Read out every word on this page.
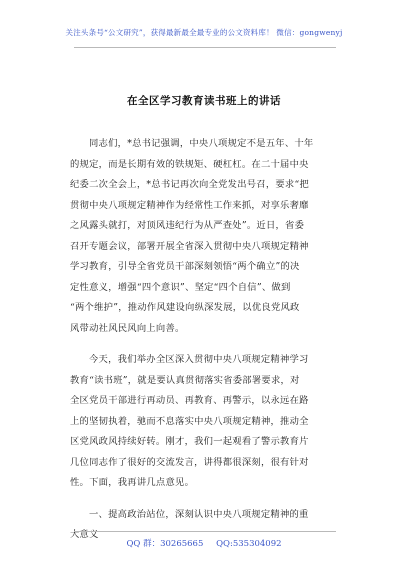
关注头条号“公文研究”，获得最新最全最专业的公文资料库！ 微信：gongwenyj
在全区学习教育读书班上的讲话
同志们，*总书记强调，中央八项规定不是五年、十年
的规定，而是长期有效的铁规矩、硬杠杠。在二十届中央
纪委二次全会上，*总书记再次向全党发出号召，要求“把
贯彻中央八项规定精神作为经常性工作来抓，对享乐奢靡
之风露头就打，对顶风违纪行为从严查处”。近日，省委
召开专题会议，部署开展全省深入贯彻中央八项规定精神
学习教育，引导全省党员干部深刻领悟“两个确立”的决
定性意义，增强“四个意识”、坚定“四个自信”、做到
“两个维护”，推动作风建设向纵深发展，以优良党风政
风带动社风民风向上向善。
今天，我们举办全区深入贯彻中央八项规定精神学习
教育“读书班”，就是要认真贯彻落实省委部署要求，对
全区党员干部进行再动员、再教育、再警示，以永远在路
上的坚韧执着，驰而不息落实中央八项规定精神，推动全
区党风政风持续好转。刚才，我们一起观看了警示教育片
几位同志作了很好的交流发言，讲得都很深刻，很有针对
性。下面，我再讲几点意见。
一、提高政治站位，深刻认识中央八项规定精神的重
大意义
QQ 群：30265665 QQ:535304092
